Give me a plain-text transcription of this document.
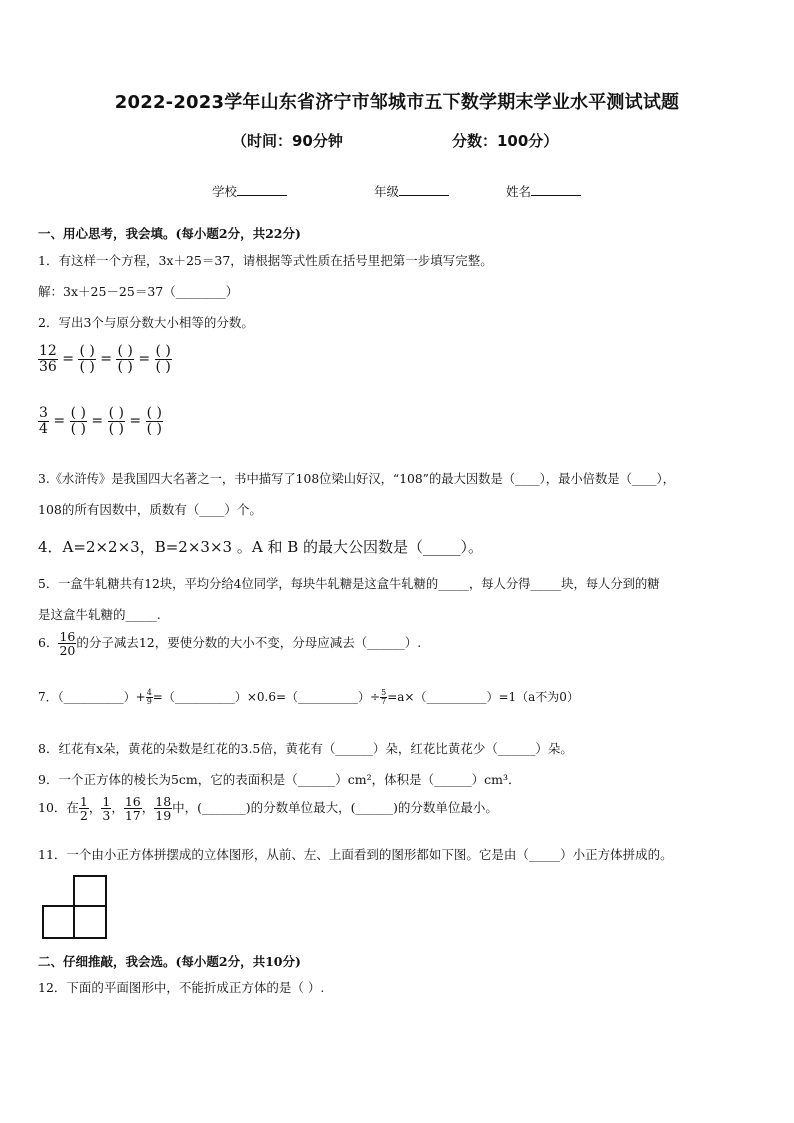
2022-2023学年山东省济宁市邹城市五下数学期末学业水平测试试题
（时间：90分钟	分数：100分）
学校	年级	姓名
一、用心思考，我会填。(每小题2分，共22分)
1．有这样一个方程，3x＋25＝37，请根据等式性质在括号里把第一步填写完整。
解：3x＋25－25＝37（________）
2．写出3个与原分数大小相等的分数。
$\frac{12}{36} = \frac{( )}{( )} = \frac{( )}{( )} = \frac{( )}{( )}$
$\frac{3}{4} = \frac{( )}{( )} = \frac{( )}{( )} = \frac{( )}{( )}$
3.《水浒传》是我国四大名著之一，书中描写了108位梁山好汉，“108”的最大因数是（____），最小倍数是（____），
108的所有因数中，质数有（____）个。
4．A=2×2×3，B=2×3×3 。A 和 B 的最大公因数是（_____）。
5．一盒牛轧糖共有12块，平均分给4位同学，每块牛轧糖是这盒牛轧糖的_____，每人分得_____块，每人分到的糖
是这盒牛轧糖的_____.
6． $\frac{16}{20}$ 的分子减去12，要使分数的大小不变，分母应减去（______）.
7．（__________）+ $\frac{4}{9}$ =（__________）×0.6=（__________）÷ $\frac{5}{7}$ =a×（__________）=1（a不为0）
8．红花有x朵，黄花的朵数是红花的3.5倍，黄花有（______）朵，红花比黄花少（______）朵。
9．一个正方体的棱长为5cm，它的表面积是（______）cm²，体积是（______）cm³．
10．在 $\frac{1}{2}$ ， $\frac{1}{3}$ ， $\frac{16}{17}$ ， $\frac{18}{19}$ 中，(_______)的分数单位最大，(______)的分数单位最小。
11．一个由小正方体拼摆成的立体图形，从前、左、上面看到的图形都如下图。它是由（_____）小正方体拼成的。
二、仔细推敲，我会选。(每小题2分，共10分)
12．下面的平面图形中，不能折成正方体的是（ ）.
